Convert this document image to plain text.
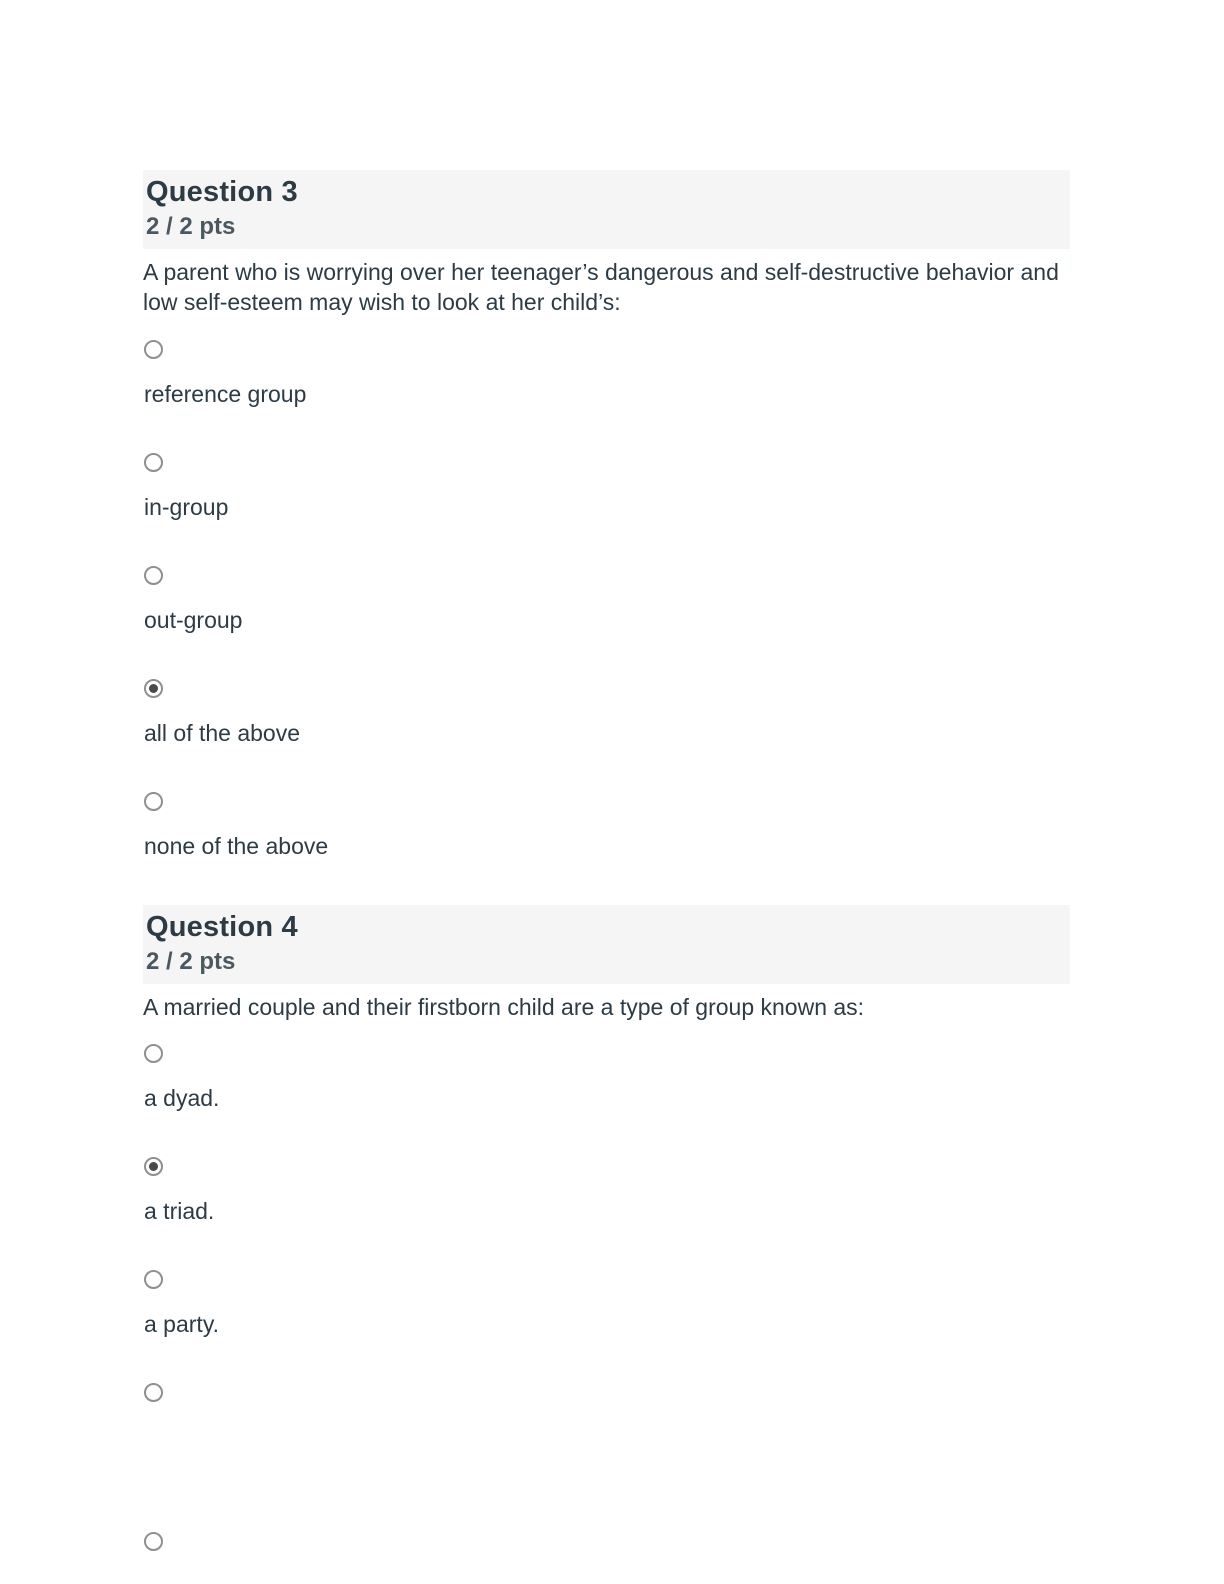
Question 3
2 / 2 pts

A parent who is worrying over her teenager’s dangerous and self-destructive behavior and low self-esteem may wish to look at her child’s:

reference group
in-group
out-group
all of the above
none of the above
Question 4
2 / 2 pts

A married couple and their firstborn child are a type of group known as:

a dyad.
a triad.
a party.
